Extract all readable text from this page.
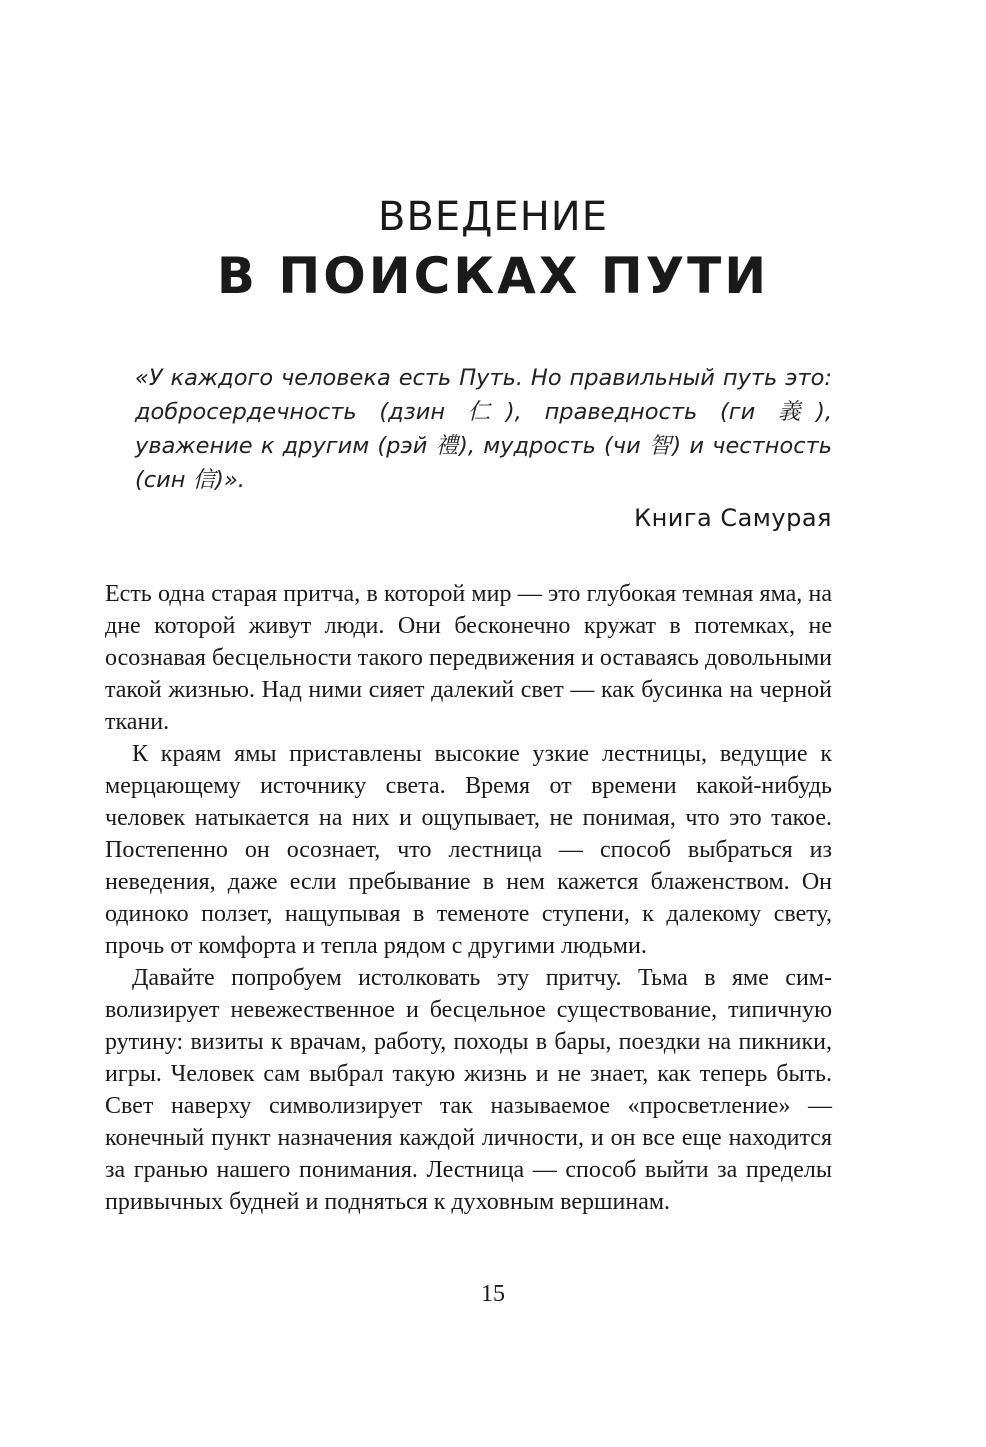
ВВЕДЕНИЕ
В ПОИСКАХ ПУТИ

«У каждого человека есть Путь. Но правильный путь это: добросердечность (дзин 仁), праведность (ги 義), уважение к другим (рэй 禮), мудрость (чи 智) и честность (син 信)».

Книга Самурая

Есть одна старая притча, в которой мир — это глубокая темная яма, на дне которой живут люди. Они бесконечно кружат в потемках, не осознавая бесцельности такого передвижения и оставаясь довольными такой жизнью. Над ними сияет далекий свет — как бусинка на черной ткани.

К краям ямы приставлены высокие узкие лестницы, ведущие к мерцающему источнику света. Время от времени какой-нибудь человек натыкается на них и ощупывает, не понимая, что это такое. Постепенно он осознает, что лестница — способ выбраться из неведения, даже если пребывание в нем кажется блаженством. Он одиноко ползет, нащупывая в теменоте ступени, к далекому свету, прочь от комфорта и тепла рядом с другими людьми.

Давайте попробуем истолковать эту притчу. Тьма в яме символизирует невежественное и бесцельное существование, типичную рутину: визиты к врачам, работу, походы в бары, поездки на пикники, игры. Человек сам выбрал такую жизнь и не знает, как теперь быть. Свет наверху символизирует так называемое «просветление» — конечный пункт назначения каждой личности, и он все еще находится за гранью нашего понимания. Лестница — способ выйти за пределы привычных будней и подняться к духовным вершинам.

15
